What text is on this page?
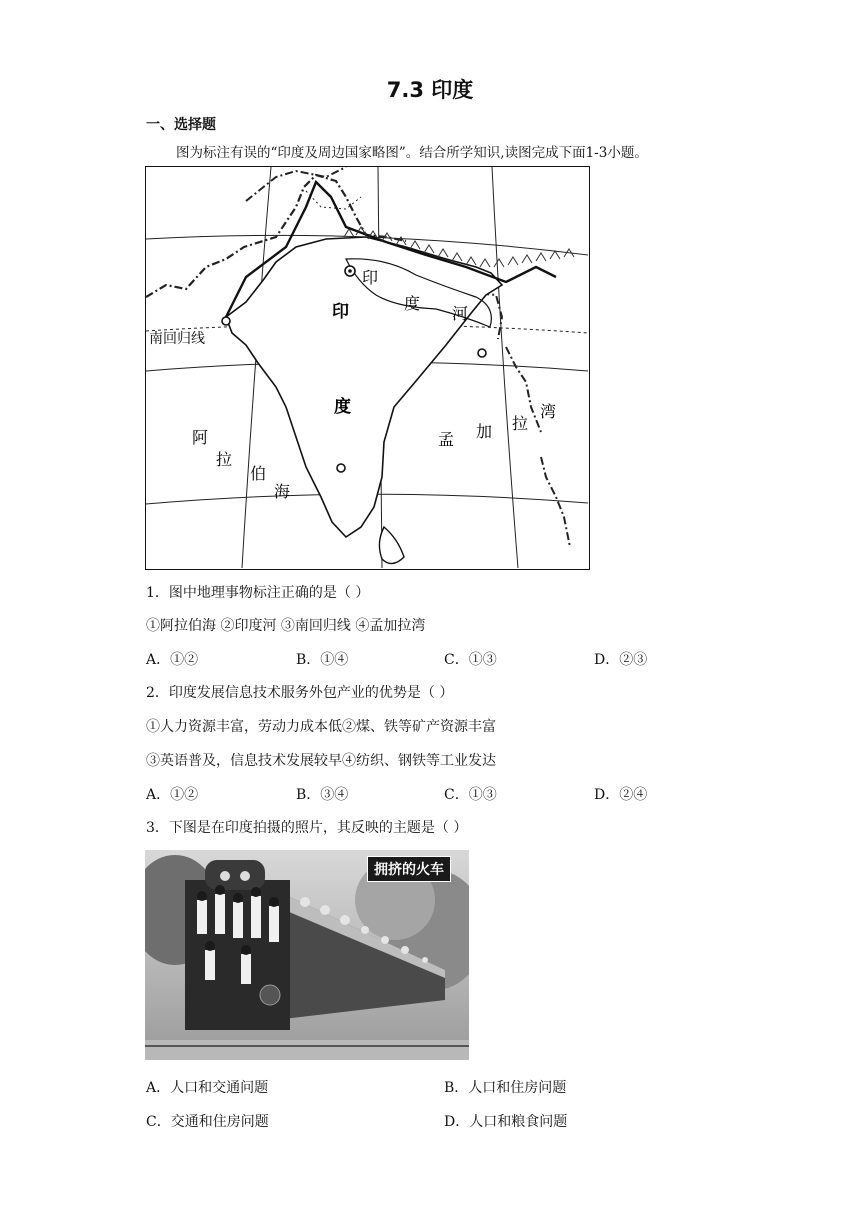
7.3 印度
一、选择题
图为标注有误的“印度及周边国家略图”。结合所学知识,读图完成下面1-3小题。
南回归线
印
度
印
度
河
阿
拉
伯
海
孟 加 拉
湾
1．图中地理事物标注正确的是（ ）
①阿拉伯海 ②印度河 ③南回归线 ④孟加拉湾
A．①②	B．①④	C．①③	D．②③
2．印度发展信息技术服务外包产业的优势是（ ）
①人力资源丰富，劳动力成本低②煤、铁等矿产资源丰富
③英语普及，信息技术发展较早④纺织、钢铁等工业发达
A．①②	B．③④	C．①③	D．②④
3．下图是在印度拍摄的照片，其反映的主题是（ ）
拥挤的火车
A．人口和交通问题	B．人口和住房问题
C．交通和住房问题	D．人口和粮食问题
